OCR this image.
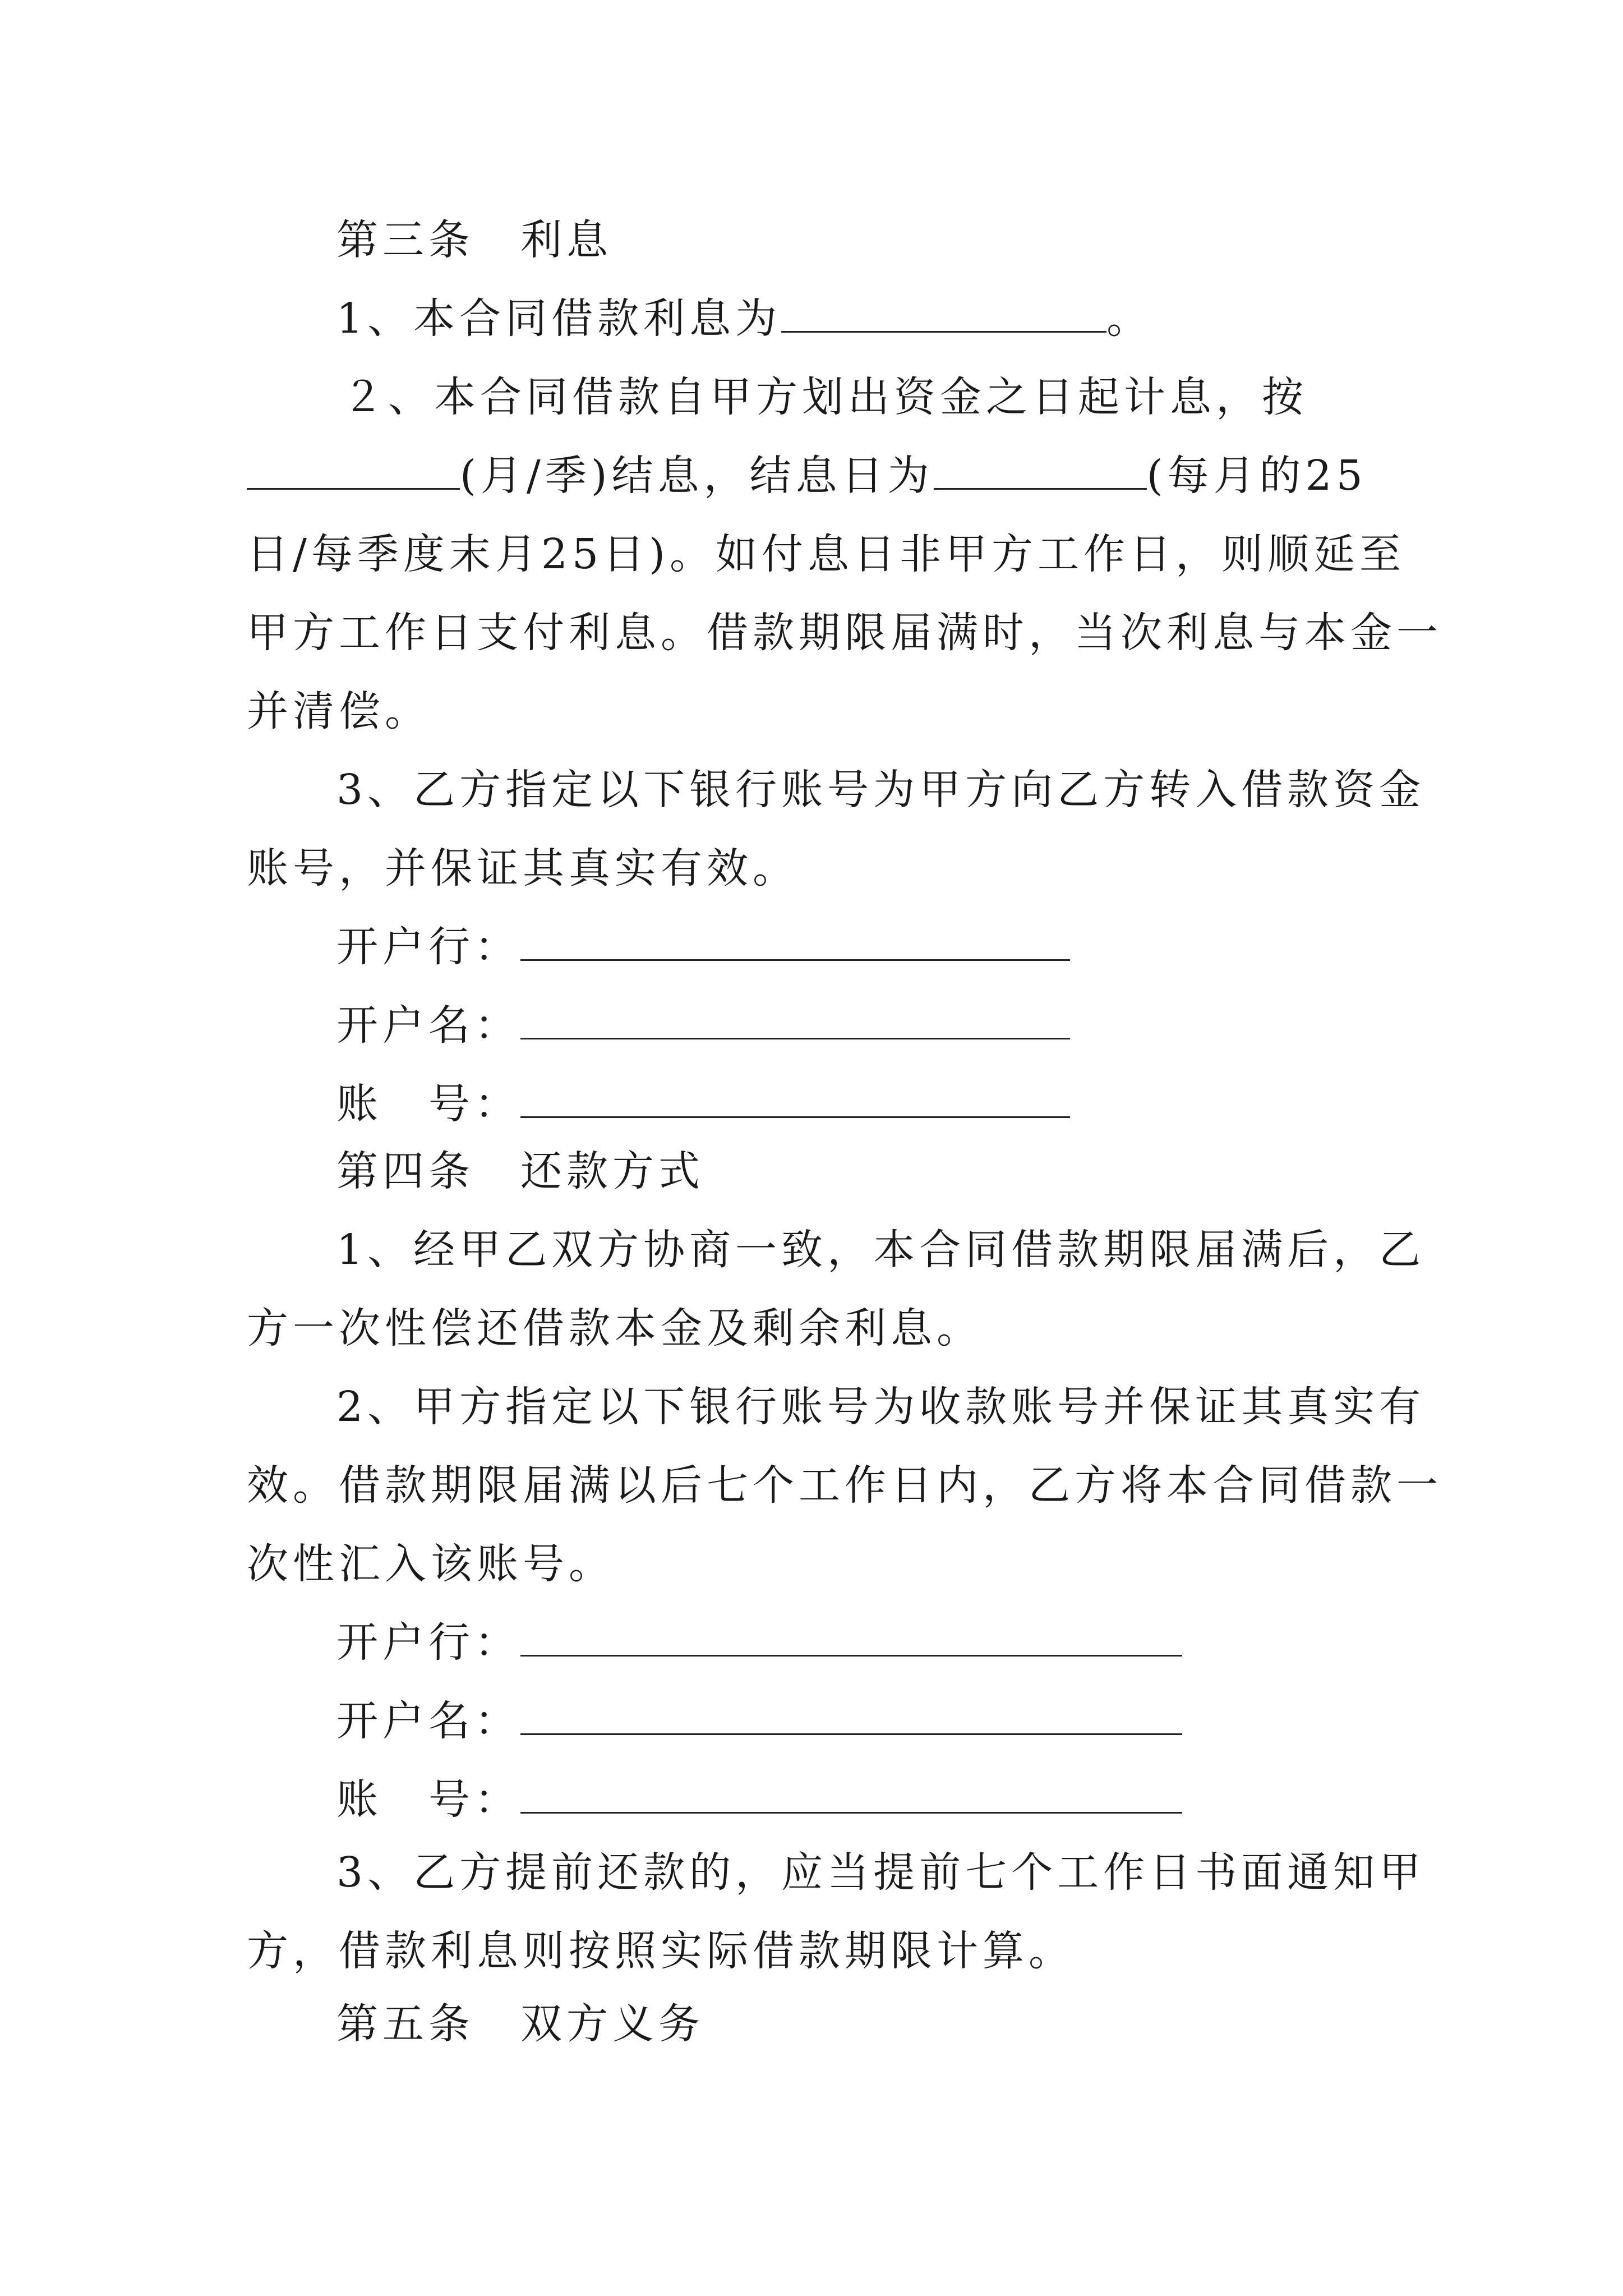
第三条　利息

1、本合同借款利息为	。

２、本合同借款自甲方划出资金之日起计息，按

(月/季)结息，结息日为	(每月的25

日/每季度末月25日)。如付息日非甲方工作日，则顺延至

甲方工作日支付利息。借款期限届满时，当次利息与本金一

并清偿。

3、乙方指定以下银行账号为甲方向乙方转入借款资金

账号，并保证其真实有效。

开户行：

开户名：

账　号：

第四条　还款方式

1、经甲乙双方协商一致，本合同借款期限届满后，乙

方一次性偿还借款本金及剩余利息。

2、甲方指定以下银行账号为收款账号并保证其真实有

效。借款期限届满以后七个工作日内，乙方将本合同借款一

次性汇入该账号。

开户行：

开户名：

账　号：

3、乙方提前还款的，应当提前七个工作日书面通知甲

方，借款利息则按照实际借款期限计算。

第五条　双方义务
